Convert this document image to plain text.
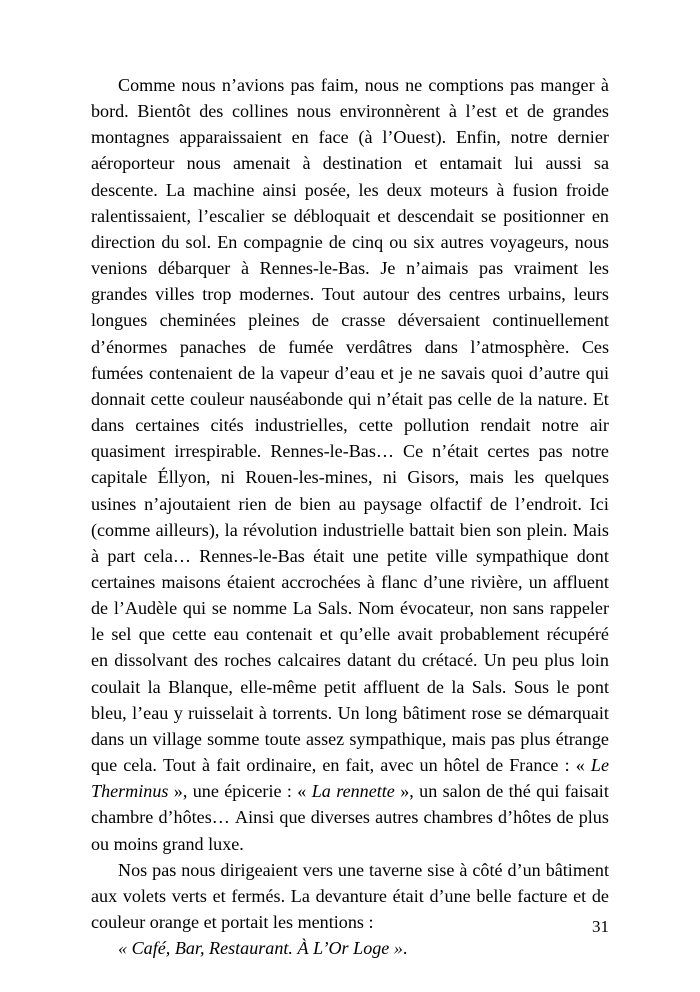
Comme nous n’avions pas faim, nous ne comptions pas manger à
bord. Bientôt des collines nous environnèrent à l’est et de grandes
montagnes apparaissaient en face (à l’Ouest). Enfin, notre dernier
aéroporteur nous amenait à destination et entamait lui aussi sa
descente. La machine ainsi posée, les deux moteurs à fusion froide
ralentissaient, l’escalier se débloquait et descendait se positionner en
direction du sol. En compagnie de cinq ou six autres voyageurs, nous
venions débarquer à Rennes-le-Bas. Je n’aimais pas vraiment les
grandes villes trop modernes. Tout autour des centres urbains, leurs
longues cheminées pleines de crasse déversaient continuellement
d’énormes panaches de fumée verdâtres dans l’atmosphère. Ces
fumées contenaient de la vapeur d’eau et je ne savais quoi d’autre qui
donnait cette couleur nauséabonde qui n’était pas celle de la nature. Et
dans certaines cités industrielles, cette pollution rendait notre air
quasiment irrespirable. Rennes-le-Bas… Ce n’était certes pas notre
capitale Éllyon, ni Rouen-les-mines, ni Gisors, mais les quelques
usines n’ajoutaient rien de bien au paysage olfactif de l’endroit. Ici
(comme ailleurs), la révolution industrielle battait bien son plein. Mais
à part cela… Rennes-le-Bas était une petite ville sympathique dont
certaines maisons étaient accrochées à flanc d’une rivière, un affluent
de l’Audèle qui se nomme La Sals. Nom évocateur, non sans rappeler
le sel que cette eau contenait et qu’elle avait probablement récupéré
en dissolvant des roches calcaires datant du crétacé. Un peu plus loin
coulait la Blanque, elle-même petit affluent de la Sals. Sous le pont
bleu, l’eau y ruisselait à torrents. Un long bâtiment rose se démarquait
dans un village somme toute assez sympathique, mais pas plus étrange
que cela. Tout à fait ordinaire, en fait, avec un hôtel de France : « Le
Therminus », une épicerie : « La rennette », un salon de thé qui faisait
chambre d’hôtes… Ainsi que diverses autres chambres d’hôtes de plus
ou moins grand luxe.

Nos pas nous dirigeaient vers une taverne sise à côté d’un bâtiment
aux volets verts et fermés. La devanture était d’une belle facture et de
couleur orange et portait les mentions :

« Café, Bar, Restaurant. À L’Or Loge ».

31
